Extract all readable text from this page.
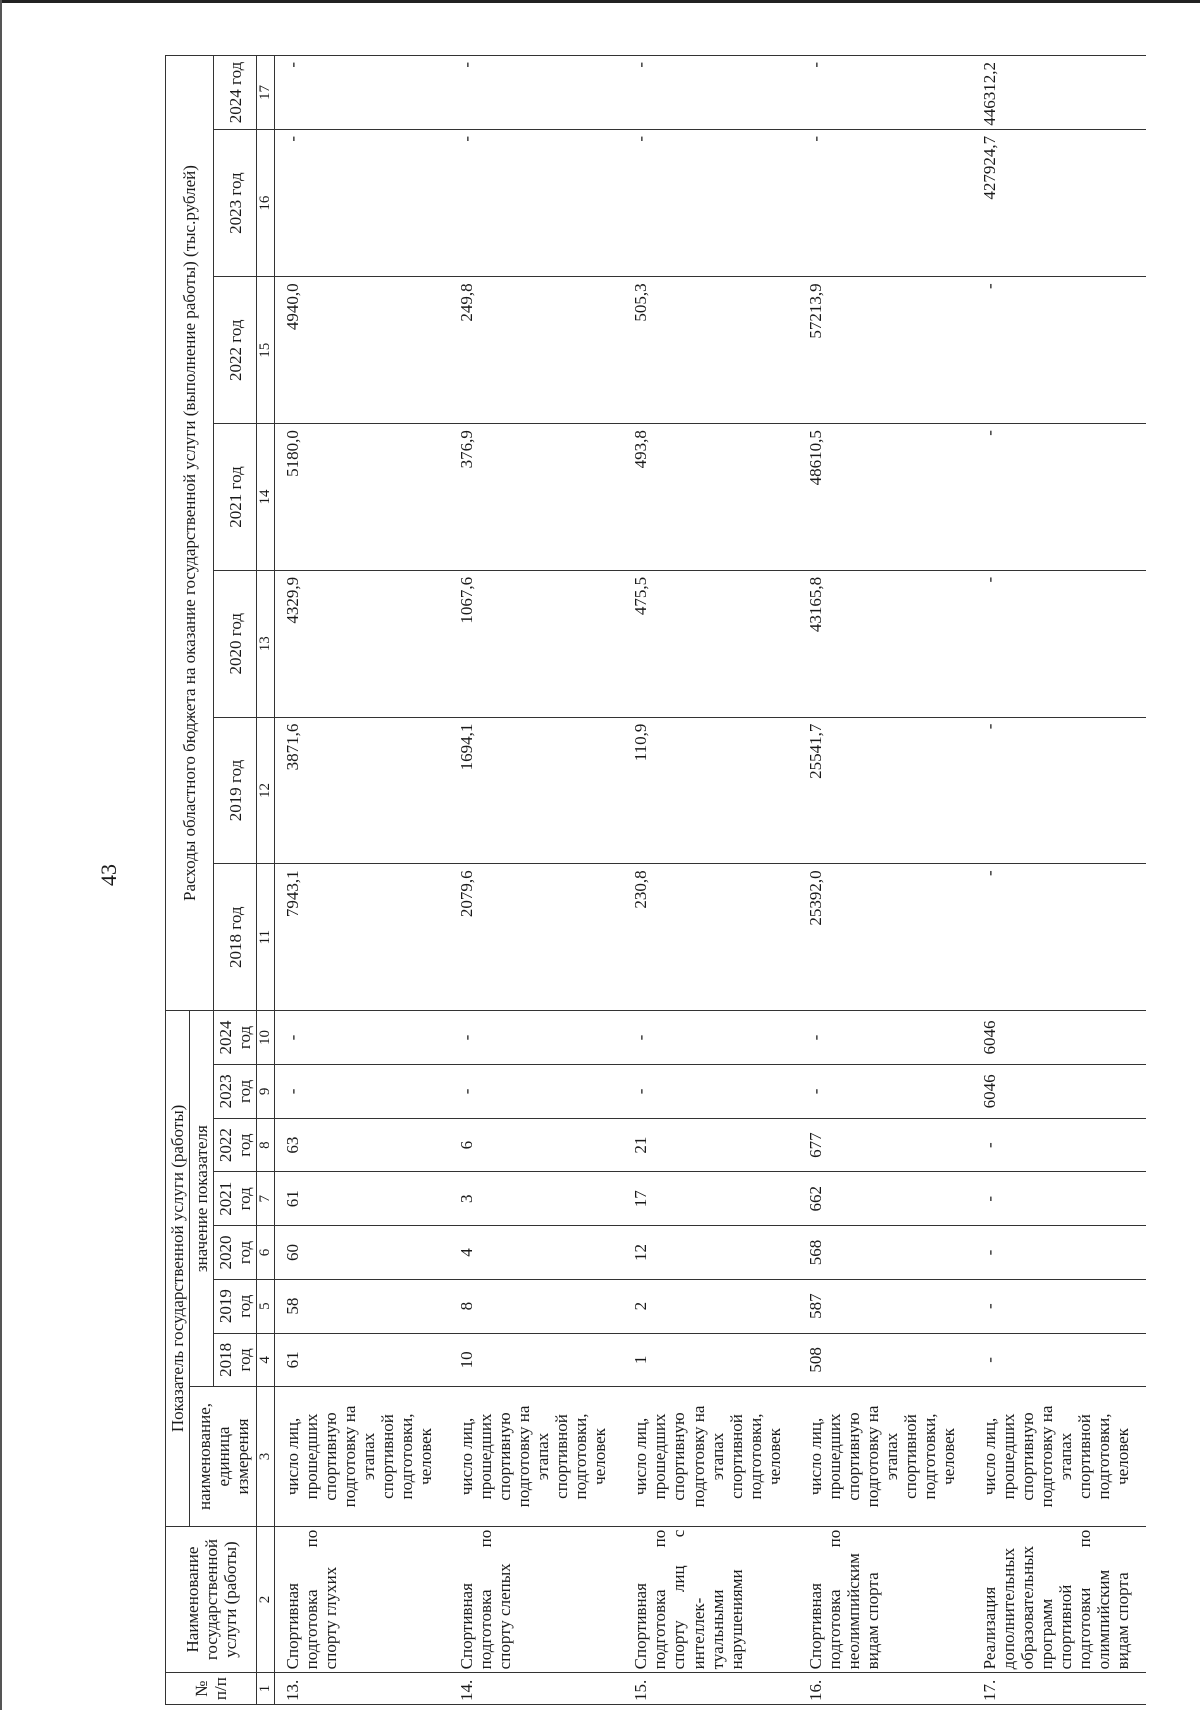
43
№ п/п	Наименование государственной услуги (работы)	Показатель государственной услуги (работы)								Расходы областного бюджета на оказание государственной услуги (выполнение работы) (тыс.рублей)						
		наименование, единица измерения	значение показателя													
			2018 год	2019 год	2020 год	2021 год	2022 год	2023 год	2024 год	2018 год	2019 год	2020 год	2021 год	2022 год	2023 год	2024 год
1	2	3	4	5	6	7	8	9	10	11	12	13	14	15	16	17
13.	Спортивная подготовка по спорту глухих	число лиц, прошедших спортивную подготовку на этапах спортивной подготовки, человек	61	58	60	61	63	-	-	7943,1	3871,6	4329,9	5180,0	4940,0	-	-
14.	Спортивная подготовка по спорту слепых	число лиц, прошедших спортивную подготовку на этапах спортивной подготовки, человек	10	8	4	3	6	-	-	2079,6	1694,1	1067,6	376,9	249,8	-	-
15.	Спортивная подготовка по спорту лиц с интеллектуальными нарушениями	число лиц, прошедших спортивную подготовку на этапах спортивной подготовки, человек	1	2	12	17	21	-	-	230,8	110,9	475,5	493,8	505,3	-	-
16.	Спортивная подготовка по неолимпийским видам спорта	число лиц, прошедших спортивную подготовку на этапах спортивной подготовки, человек	508	587	568	662	677	-	-	25392,0	25541,7	43165,8	48610,5	57213,9	-	-
17.	Реализация дополнительных образовательных программ спортивной подготовки по олимпийским видам спорта	число лиц, прошедших спортивную подготовку на этапах спортивной подготовки, человек	-	-	-	-	-	6046	6046	-	-	-	-	-	427924,7	446312,2
